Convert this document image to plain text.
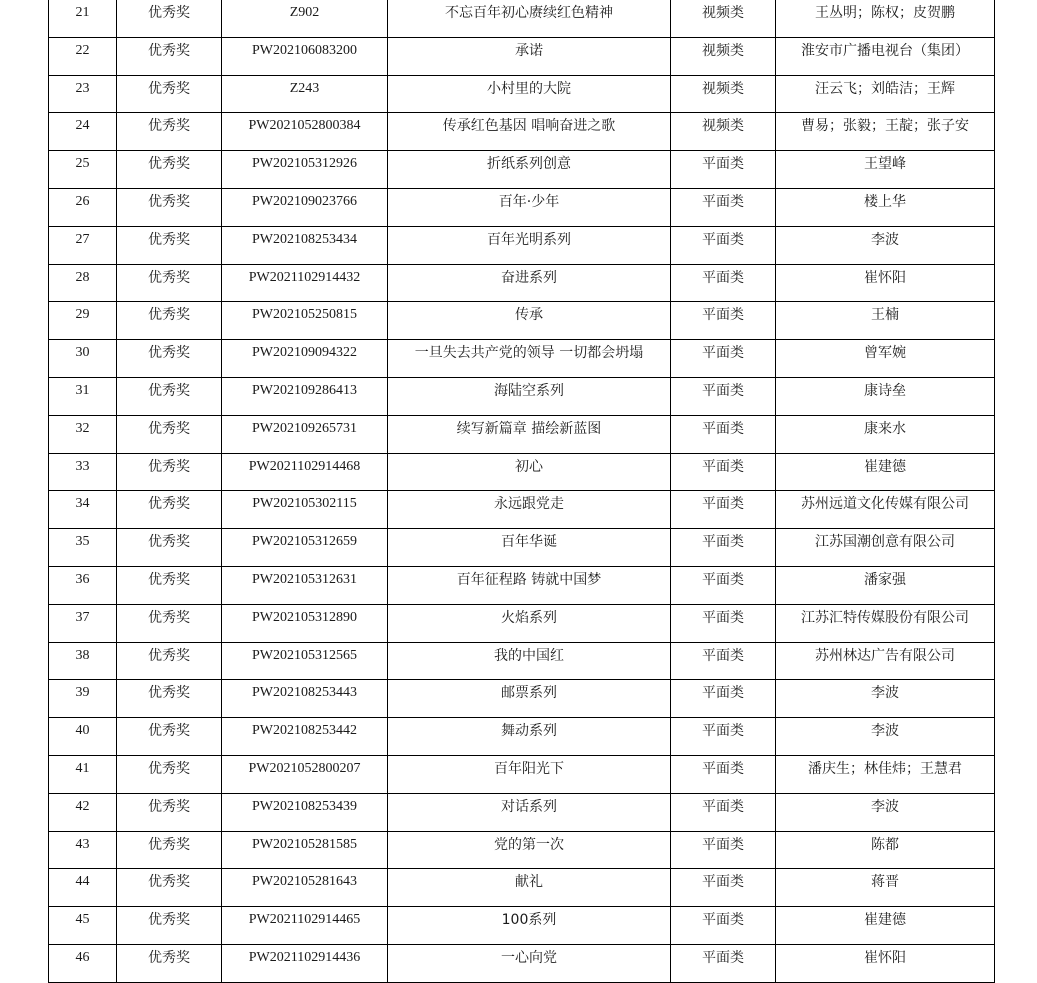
21	优秀奖	Z902	不忘百年初心赓续红色精神	视频类	王丛明；陈权；皮贺鹏
22	优秀奖	PW202106083200	承诺	视频类	淮安市广播电视台（集团）
23	优秀奖	Z243	小村里的大院	视频类	汪云飞；刘皓洁；王辉
24	优秀奖	PW2021052800384	传承红色基因 唱响奋进之歌	视频类	曹易；张毅；王靛；张子安
25	优秀奖	PW202105312926	折纸系列创意	平面类	王望峰
26	优秀奖	PW202109023766	百年·少年	平面类	楼上华
27	优秀奖	PW202108253434	百年光明系列	平面类	李波
28	优秀奖	PW2021102914432	奋进系列	平面类	崔怀阳
29	优秀奖	PW202105250815	传承	平面类	王楠
30	优秀奖	PW202109094322	一旦失去共产党的领导 一切都会坍塌	平面类	曾军婉
31	优秀奖	PW202109286413	海陆空系列	平面类	康诗垒
32	优秀奖	PW202109265731	续写新篇章 描绘新蓝图	平面类	康来水
33	优秀奖	PW2021102914468	初心	平面类	崔建德
34	优秀奖	PW202105302115	永远跟党走	平面类	苏州远道文化传媒有限公司
35	优秀奖	PW202105312659	百年华诞	平面类	江苏国潮创意有限公司
36	优秀奖	PW202105312631	百年征程路 铸就中国梦	平面类	潘家强
37	优秀奖	PW202105312890	火焰系列	平面类	江苏汇特传媒股份有限公司
38	优秀奖	PW202105312565	我的中国红	平面类	苏州林达广告有限公司
39	优秀奖	PW202108253443	邮票系列	平面类	李波
40	优秀奖	PW202108253442	舞动系列	平面类	李波
41	优秀奖	PW2021052800207	百年阳光下	平面类	潘庆生；林佳炜；王慧君
42	优秀奖	PW202108253439	对话系列	平面类	李波
43	优秀奖	PW202105281585	党的第一次	平面类	陈都
44	优秀奖	PW202105281643	献礼	平面类	蒋晋
45	优秀奖	PW2021102914465	100系列	平面类	崔建德
46	优秀奖	PW2021102914436	一心向党	平面类	崔怀阳
